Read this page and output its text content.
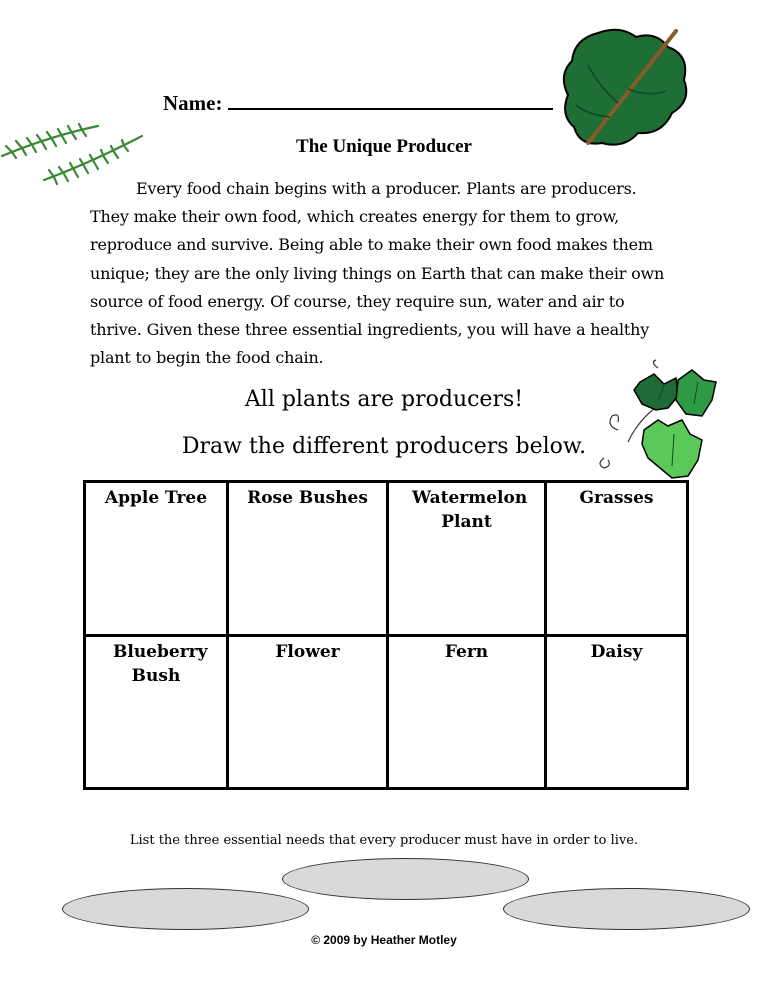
Name:
The Unique Producer

Every food chain begins with a producer. Plants are producers. They make their own food, which creates energy for them to grow, reproduce and survive. Being able to make their own food makes them unique; they are the only living things on Earth that can make their own source of food energy. Of course, they require sun, water and air to thrive. Given these three essential ingredients, you will have a healthy plant to begin the food chain.

All plants are producers!
Draw the different producers below.
Apple Tree	Rose Bushes	Watermelon Plant	Grasses

Blueberry Bush	Flower	Fern	Daisy
List the three essential needs that every producer must have in order to live.
© 2009 by Heather Motley
